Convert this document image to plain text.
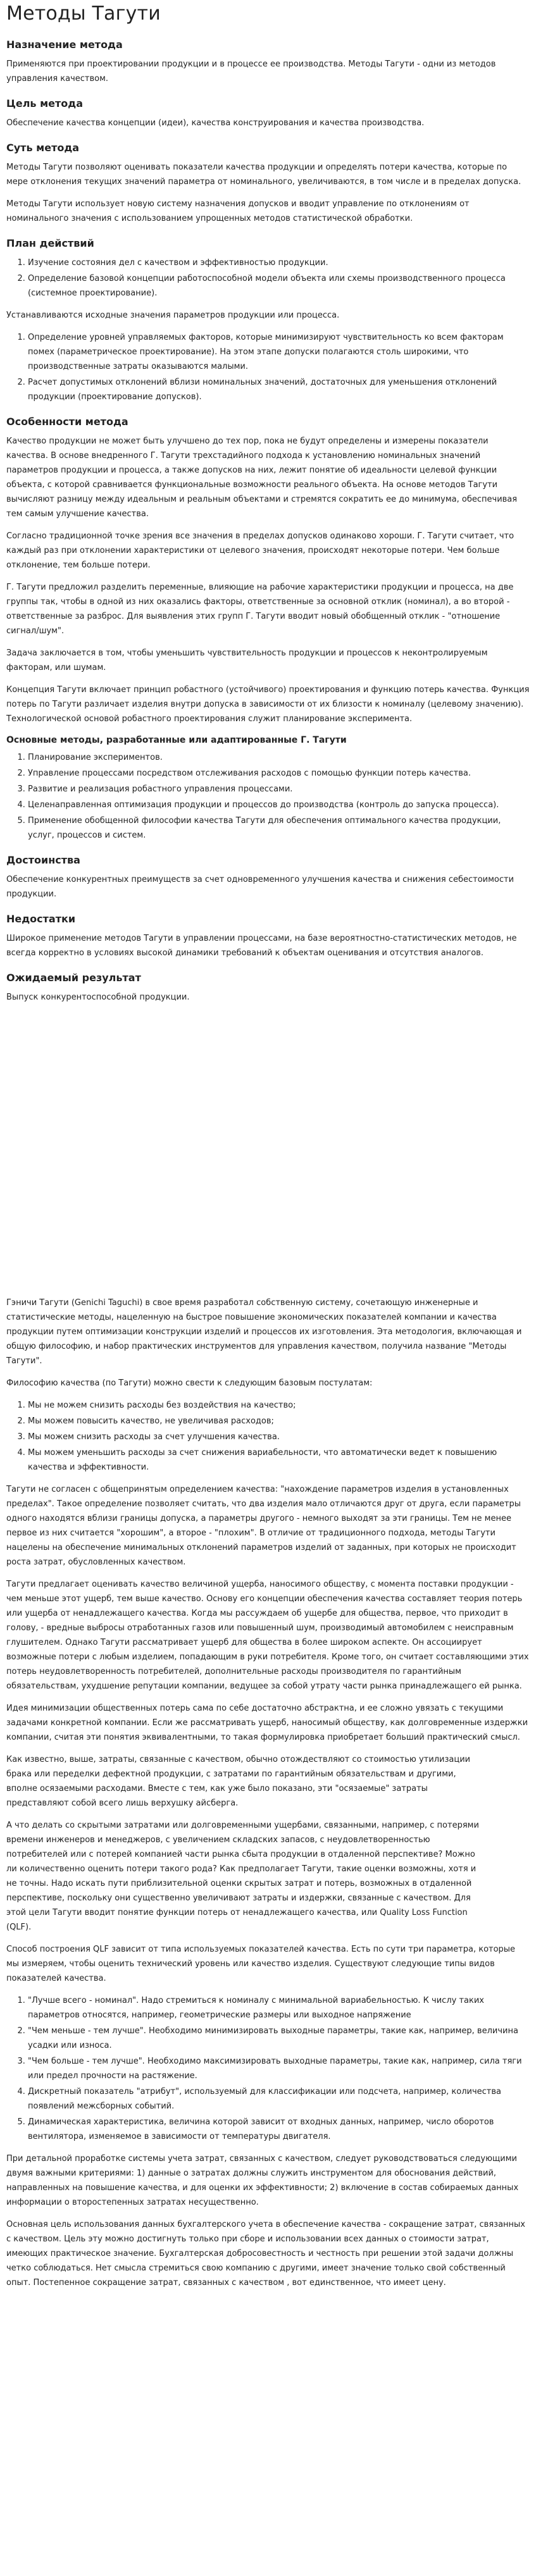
Методы Тагути
Назначение метода

Применяются при проектировании продукции и в процессе ее производства. Методы Тагути - одни из методов управления качеством.

Цель метода

Обеспечение качества концепции (идеи), качества конструирования и качества производства.

Суть метода

Методы Тагути позволяют оценивать показатели качества продукции и определять потери качества, которые по мере отклонения текущих значений параметра от номинального, увеличиваются, в том числе и в пределах допуска.

Методы Тагути использует новую систему назначения допусков и вводит управление по отклонениям от номинального значения с использованием упрощенных методов статистической обработки.

План действий
1. Изучение состояния дел с качеством и эффективностью продукции.
2. Определение базовой концепции работоспособной модели объекта или схемы производственного процесса (системное проектирование).

Устанавливаются исходные значения параметров продукции или процесса.

1. Определение уровней управляемых факторов, которые минимизируют чувствительность ко всем факторам помех (параметрическое проектирование). На этом этапе допуски полагаются столь широкими, что производственные затраты оказываются малыми.
2. Расчет допустимых отклонений вблизи номинальных значений, достаточных для уменьшения отклонений продукции (проектирование допусков).
Особенности метода

Качество продукции не может быть улучшено до тех пор, пока не будут определены и измерены показатели качества. В основе внедренного Г. Тагути трехстадийного подхода к установлению номинальных значений параметров продукции и процесса, а также допусков на них, лежит понятие об идеальности целевой функции объекта, с которой сравнивается функциональные возможности реального объекта. На основе методов Тагути вычисляют разницу между идеальным и реальным объектами и стремятся сократить ее до минимума, обеспечивая тем самым улучшение качества.

Согласно традиционной точке зрения все значения в пределах допусков одинаково хороши. Г. Тагути считает, что каждый раз при отклонении характеристики от целевого значения, происходят некоторые потери. Чем больше отклонение, тем больше потери.

Г. Тагути предложил разделить переменные, влияющие на рабочие характеристики продукции и процесса, на две группы так, чтобы в одной из них оказались факторы, ответственные за основной отклик (номинал), а во второй - ответственные за разброс. Для выявления этих групп Г. Тагути вводит новый обобщенный отклик - "отношение сигнал/шум".

Задача заключается в том, чтобы уменьшить чувствительность продукции и процессов к неконтролируемым факторам, или шумам.

Концепция Тагути включает принцип робастного (устойчивого) проектирования и функцию потерь качества. Функция потерь по Тагути различает изделия внутри допуска в зависимости от их близости к номиналу (целевому значению). Технологической основой робастного проектирования служит планирование эксперимента.

Основные методы, разработанные или адаптированные Г. Тагути
1. Планирование экспериментов.
2. Управление процессами посредством отслеживания расходов с помощью функции потерь качества.
3. Развитие и реализация робастного управления процессами.
4. Целенаправленная оптимизация продукции и процессов до производства (контроль до запуска процесса).
5. Применение обобщенной философии качества Тагути для обеспечения оптимального качества продукции, услуг, процессов и систем.
Достоинства

Обеспечение конкурентных преимуществ за счет одновременного улучшения качества и снижения себестоимости продукции.

Недостатки

Широкое применение методов Тагути в управлении процессами, на базе вероятностно-статистических методов, не всегда корректно в условиях высокой динамики требований к объектам оценивания и отсутствия аналогов.

Ожидаемый результат

Выпуск конкурентоспособной продукции.

Гэничи Тагути (Genichi Taguchi) в свое время разработал собственную систему, сочетающую инженерные и статистические методы, нацеленную на быстрое повышение экономических показателей компании и качества продукции путем оптимизации конструкции изделий и процессов их изготовления. Эта методология, включающая и общую философию, и набор практических инструментов для управления качеством, получила название "Методы Тагути".

Философию качества (по Тагути) можно свести к следующим базовым постулатам:

1. Мы не можем снизить расходы без воздействия на качество;
2. Мы можем повысить качество, не увеличивая расходов;
3. Мы можем снизить расходы за счет улучшения качества.
4. Мы можем уменьшить расходы за счет снижения вариабельности, что автоматически ведет к повышению качества и эффективности.

Тагути не согласен с общепринятым определением качества: "нахождение параметров изделия в установленных пределах". Такое определение позволяет считать, что два изделия мало отличаются друг от друга, если параметры одного находятся вблизи границы допуска, а параметры другого - немного выходят за эти границы. Тем не менее первое из них считается "хорошим", а второе - "плохим". В отличие от традиционного подхода, методы Тагути нацелены на обеспечение минимальных отклонений параметров изделий от заданных, при которых не происходит роста затрат, обусловленных качеством.

Тагути предлагает оценивать качество величиной ущерба, наносимого обществу, с момента поставки продукции - чем меньше этот ущерб, тем выше качество. Основу его концепции обеспечения качества составляет теория потерь или ущерба от ненадлежащего качества. Когда мы рассуждаем об ущербе для общества, первое, что приходит в голову, - вредные выбросы отработанных газов или повышенный шум, производимый автомобилем с неисправным глушителем. Однако Тагути рассматривает ущерб для общества в более широком аспекте. Он ассоциирует возможные потери с любым изделием, попадающим в руки потребителя. Кроме того, он считает составляющими этих потерь неудовлетворенность потребителей, дополнительные расходы производителя по гарантийным обязательствам, ухудшение репутации компании, ведущее за собой утрату части рынка принадлежащего ей рынка.

Идея минимизации общественных потерь сама по себе достаточно абстрактна, и ее сложно увязать с текущими задачами конкретной компании. Если же рассматривать ущерб, наносимый обществу, как долговременные издержки компании, считая эти понятия эквивалентными, то такая формулировка приобретает больший практический смысл.

Как известно, выше, затраты, связанные с качеством, обычно отождествляют со стоимостью утилизации брака или переделки дефектной продукции, с затратами по гарантийным обязательствам и другими, вполне осязаемыми расходами. Вместе с тем, как уже было показано, эти "осязаемые" затраты представляют собой всего лишь верхушку айсберга.

А что делать со скрытыми затратами или долговременными ущербами, связанными, например, с потерями времени инженеров и менеджеров, с увеличением складских запасов, с неудовлетворенностью потребителей или с потерей компанией части рынка сбыта продукции в отдаленной перспективе? Можно ли количественно оценить потери такого рода? Как предполагает Тагути, такие оценки возможны, хотя и не точны. Надо искать пути приблизительной оценки скрытых затрат и потерь, возможных в отдаленной перспективе, поскольку они существенно увеличивают затраты и издержки, связанные с качеством. Для этой цели Тагути вводит понятие функции потерь от ненадлежащего качества, или Quality Loss Function (QLF).

Способ построения QLF зависит от типа используемых показателей качества. Есть по сути три параметра, которые мы измеряем, чтобы оценить технический уровень или качество изделия. Существуют следующие типы видов показателей качества.

1. "Лучше всего - номинал". Надо стремиться к номиналу с минимальной вариабельностью. К числу таких параметров относятся, например, геометрические размеры или выходное напряжение
2. "Чем меньше - тем лучше". Необходимо минимизировать выходные параметры, такие как, например, величина усадки или износа.
3. "Чем больше - тем лучше". Необходимо максимизировать выходные параметры, такие как, например, сила тяги или предел прочности на растяжение.
4. Дискретный показатель "атрибут", используемый для классификации или подсчета, например, количества появлений межсборных событий.
5. Динамическая характеристика, величина которой зависит от входных данных, например, число оборотов вентилятора, изменяемое в зависимости от температуры двигателя.

При детальной проработке системы учета затрат, связанных с качеством, следует руководствоваться следующими двумя важными критериями: 1) данные о затратах должны служить инструментом для обоснования действий, направленных на повышение качества, и для оценки их эффективности; 2) включение в состав собираемых данных информации о второстепенных затратах несущественно.

Основная цель использования данных бухгалтерского учета в обеспечение качества - сокращение затрат, связанных с качеством. Цель эту можно достигнуть только при сборе и использовании всех данных о стоимости затрат, имеющих практическое значение. Бухгалтерская добросовестность и честность при решении этой задачи должны четко соблюдаться. Нет смысла стремиться свою компанию с другими, имеет значение только свой собственный опыт. Постепенное сокращение затрат, связанных с качеством , вот единственное, что имеет цену.
